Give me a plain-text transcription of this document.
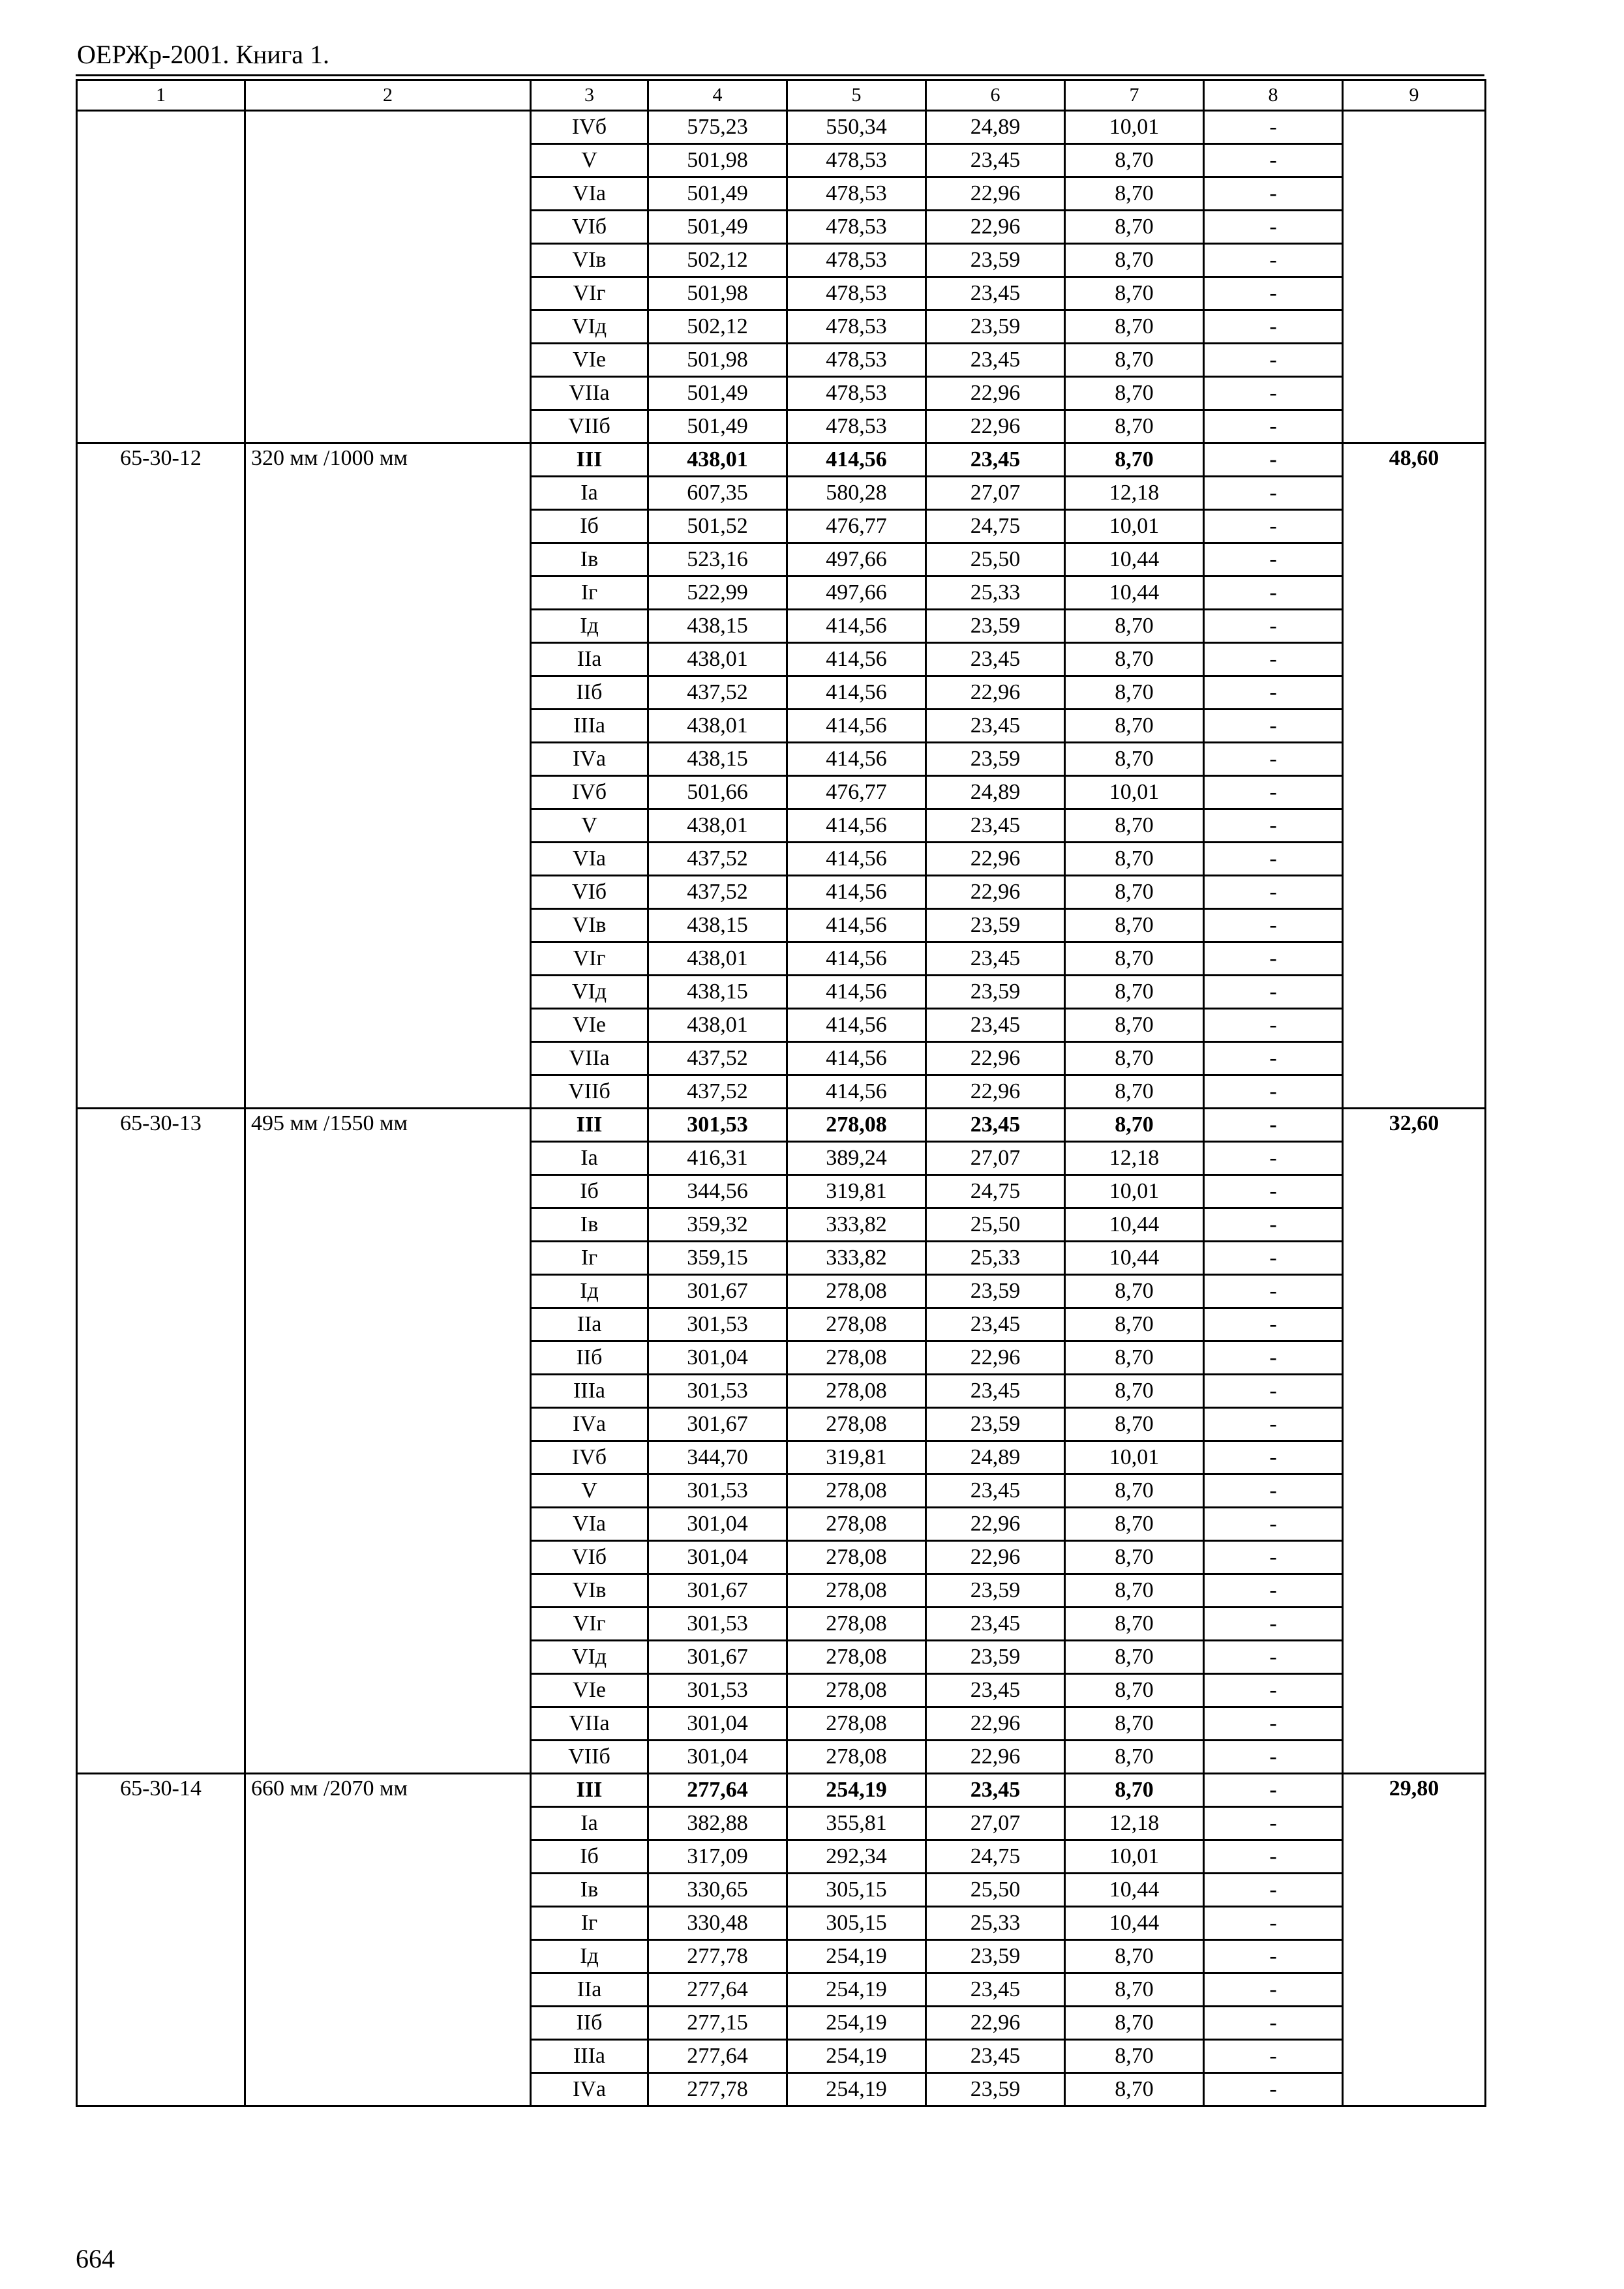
ОЕРЖр-2001. Книга 1.
1	2	3	4	5	6	7	8	9
		IVб	575,23	550,34	24,89	10,01	-	
		V	501,98	478,53	23,45	8,70	-	
		VIа	501,49	478,53	22,96	8,70	-	
		VIб	501,49	478,53	22,96	8,70	-	
		VIв	502,12	478,53	23,59	8,70	-	
		VIг	501,98	478,53	23,45	8,70	-	
		VIд	502,12	478,53	23,59	8,70	-	
		VIе	501,98	478,53	23,45	8,70	-	
		VIIа	501,49	478,53	22,96	8,70	-	
		VIIб	501,49	478,53	22,96	8,70	-	
65-30-12	320 мм /1000 мм	III	438,01	414,56	23,45	8,70	-	48,60
		Iа	607,35	580,28	27,07	12,18	-	
		Iб	501,52	476,77	24,75	10,01	-	
		Iв	523,16	497,66	25,50	10,44	-	
		Iг	522,99	497,66	25,33	10,44	-	
		Iд	438,15	414,56	23,59	8,70	-	
		IIа	438,01	414,56	23,45	8,70	-	
		IIб	437,52	414,56	22,96	8,70	-	
		IIIа	438,01	414,56	23,45	8,70	-	
		IVа	438,15	414,56	23,59	8,70	-	
		IVб	501,66	476,77	24,89	10,01	-	
		V	438,01	414,56	23,45	8,70	-	
		VIа	437,52	414,56	22,96	8,70	-	
		VIб	437,52	414,56	22,96	8,70	-	
		VIв	438,15	414,56	23,59	8,70	-	
		VIг	438,01	414,56	23,45	8,70	-	
		VIд	438,15	414,56	23,59	8,70	-	
		VIе	438,01	414,56	23,45	8,70	-	
		VIIа	437,52	414,56	22,96	8,70	-	
		VIIб	437,52	414,56	22,96	8,70	-	
65-30-13	495 мм /1550 мм	III	301,53	278,08	23,45	8,70	-	32,60
		Iа	416,31	389,24	27,07	12,18	-	
		Iб	344,56	319,81	24,75	10,01	-	
		Iв	359,32	333,82	25,50	10,44	-	
		Iг	359,15	333,82	25,33	10,44	-	
		Iд	301,67	278,08	23,59	8,70	-	
		IIа	301,53	278,08	23,45	8,70	-	
		IIб	301,04	278,08	22,96	8,70	-	
		IIIа	301,53	278,08	23,45	8,70	-	
		IVа	301,67	278,08	23,59	8,70	-	
		IVб	344,70	319,81	24,89	10,01	-	
		V	301,53	278,08	23,45	8,70	-	
		VIа	301,04	278,08	22,96	8,70	-	
		VIб	301,04	278,08	22,96	8,70	-	
		VIв	301,67	278,08	23,59	8,70	-	
		VIг	301,53	278,08	23,45	8,70	-	
		VIд	301,67	278,08	23,59	8,70	-	
		VIе	301,53	278,08	23,45	8,70	-	
		VIIа	301,04	278,08	22,96	8,70	-	
		VIIб	301,04	278,08	22,96	8,70	-	
65-30-14	660 мм /2070 мм	III	277,64	254,19	23,45	8,70	-	29,80
		Iа	382,88	355,81	27,07	12,18	-	
		Iб	317,09	292,34	24,75	10,01	-	
		Iв	330,65	305,15	25,50	10,44	-	
		Iг	330,48	305,15	25,33	10,44	-	
		Iд	277,78	254,19	23,59	8,70	-	
		IIа	277,64	254,19	23,45	8,70	-	
		IIб	277,15	254,19	22,96	8,70	-	
		IIIа	277,64	254,19	23,45	8,70	-	
		IVа	277,78	254,19	23,59	8,70	-	
664
